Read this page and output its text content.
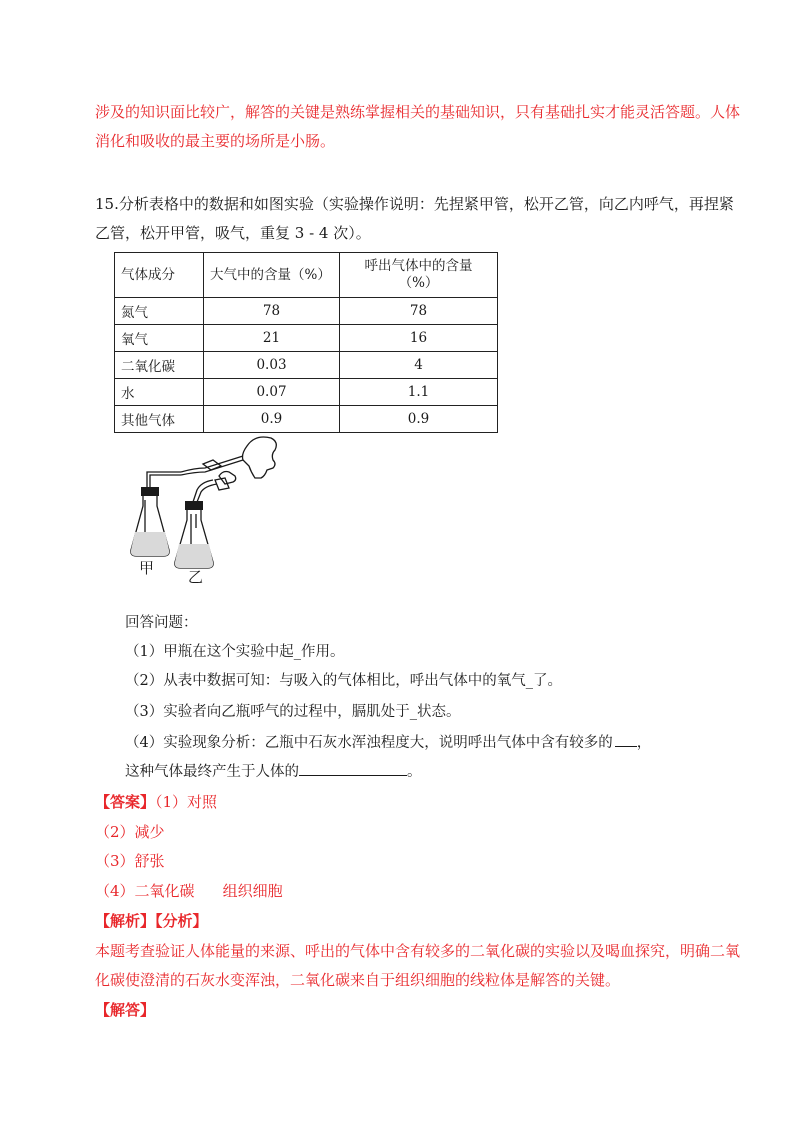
涉及的知识面比较广，解答的关键是熟练掌握相关的基础知识，只有基础扎实才能灵活答题。人体
消化和吸收的最主要的场所是小肠。
15.分析表格中的数据和如图实验（实验操作说明：先捏紧甲管，松开乙管，向乙内呼气，再捏紧
乙管，松开甲管，吸气，重复 3 - 4 次）。
气体成分	大气中的含量（%）	呼出气体中的含量
（%）

氮气	78	78
氧气	21	16
二氧化碳	0.03	4
水	0.07	1.1
其他气体	0.9	0.9
甲 乙
回答问题：
（1）甲瓶在这个实验中起_作用。
（2）从表中数据可知：与吸入的气体相比，呼出气体中的氧气_了。
（3）实验者向乙瓶呼气的过程中，膈肌处于_状态。
（4）实验现象分析：乙瓶中石灰水浑浊程度大，说明呼出气体中含有较多的 ，
这种气体最终产生于人体的	。
【答案】（1）对照
（2）减少
（3）舒张
（4）二氧化碳 组织细胞
【解析】【分析】
本题考查验证人体能量的来源、呼出的气体中含有较多的二氧化碳的实验以及喝血探究，明确二氧
化碳使澄清的石灰水变浑浊，二氧化碳来自于组织细胞的线粒体是解答的关键。
【解答】
